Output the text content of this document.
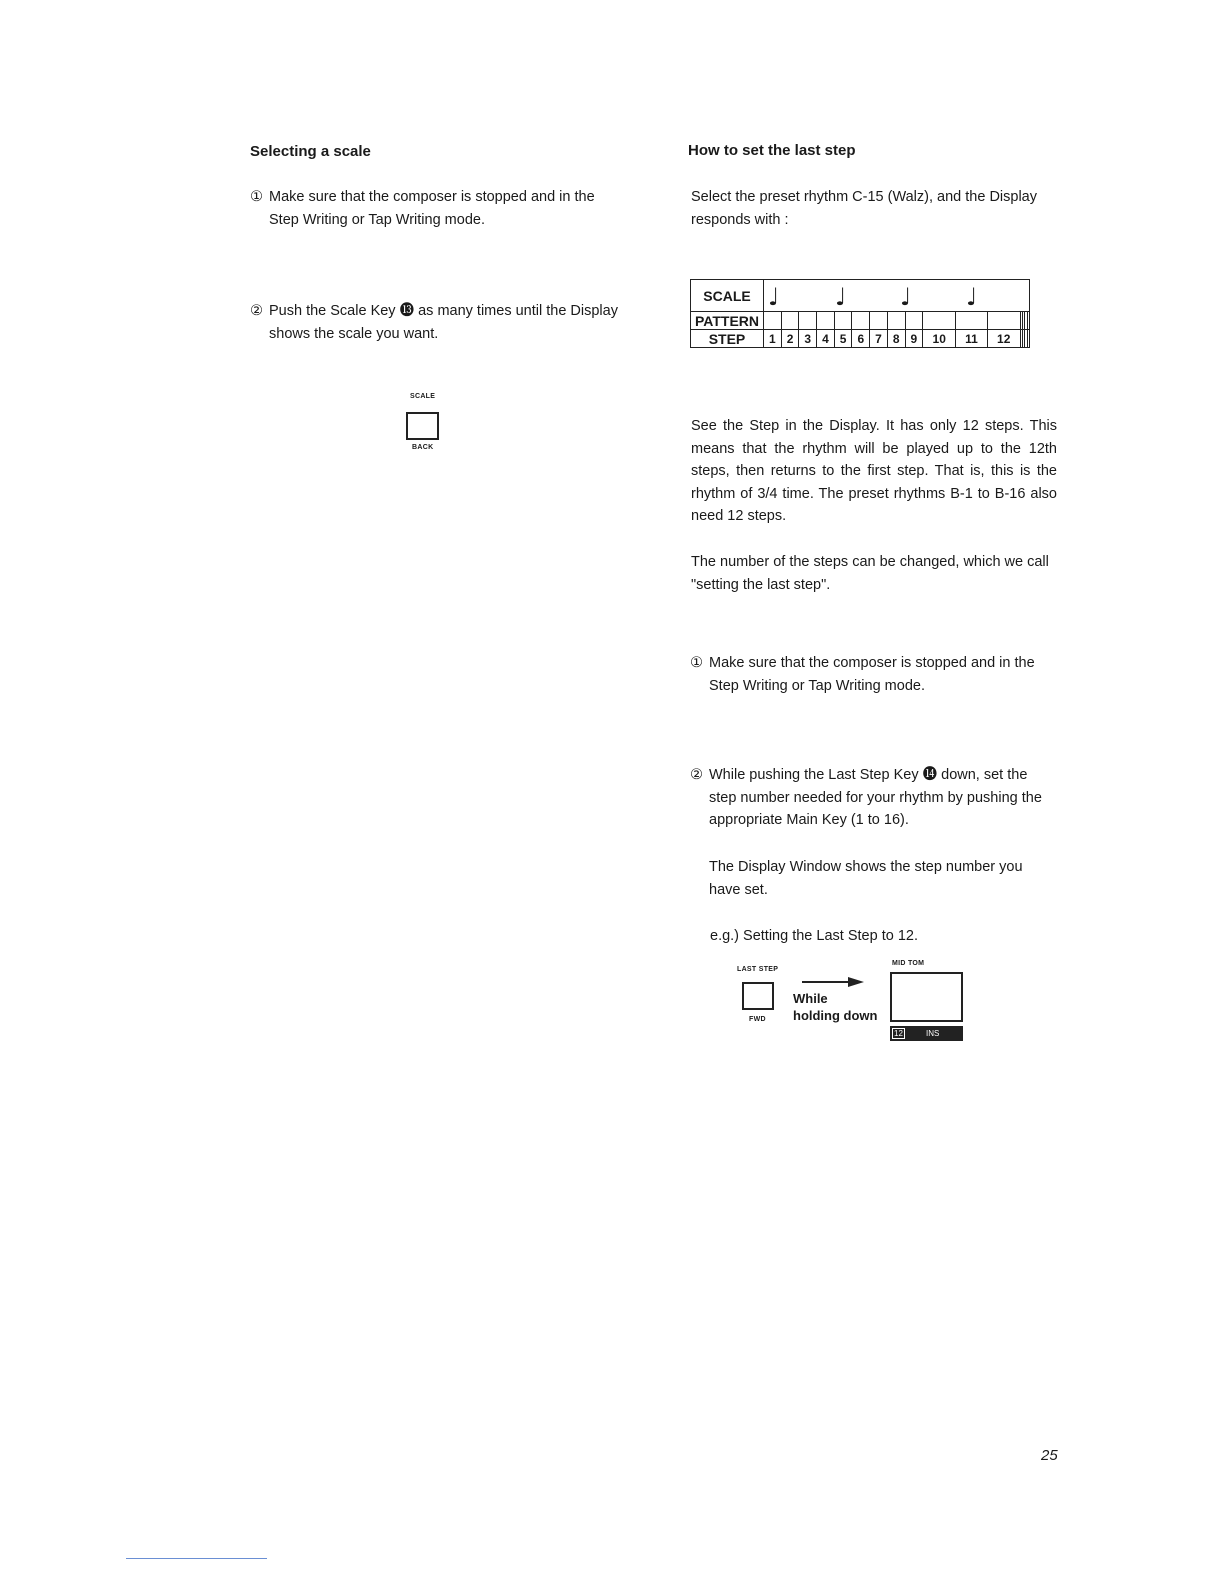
Selecting a scale
① Make sure that the composer is stopped and in the Step Writing or Tap Writing mode.
② Push the Scale Key ⓭ as many times until the Display shows the scale you want.
SCALE
BACK
How to set the last step

Select the preset rhythm C-15 (Walz), and the Display responds with :

SCALE	♩ ♩ ♩ ♩															

PATTERN																
STEP	1	2	3	4	5	6	7	8	9	10	11	12				

See the Step in the Display. It has only 12 steps. This means that the rhythm will be played up to the 12th steps, then returns to the first step. That is, this is the rhythm of 3/4 time. The preset rhythms B-1 to B-16 also need 12 steps.

The number of the steps can be changed, which we call "setting the last step".

① Make sure that the composer is stopped and in the Step Writing or Tap Writing mode.
② While pushing the Last Step Key ⓮ down, set the step number needed for your rhythm by pushing the appropriate Main Key (1 to 16).

The Display Window shows the step number you have set.

e.g.) Setting the Last Step to 12.

LAST STEP
FWD
While
holding down
MID TOM
12	INS
25
